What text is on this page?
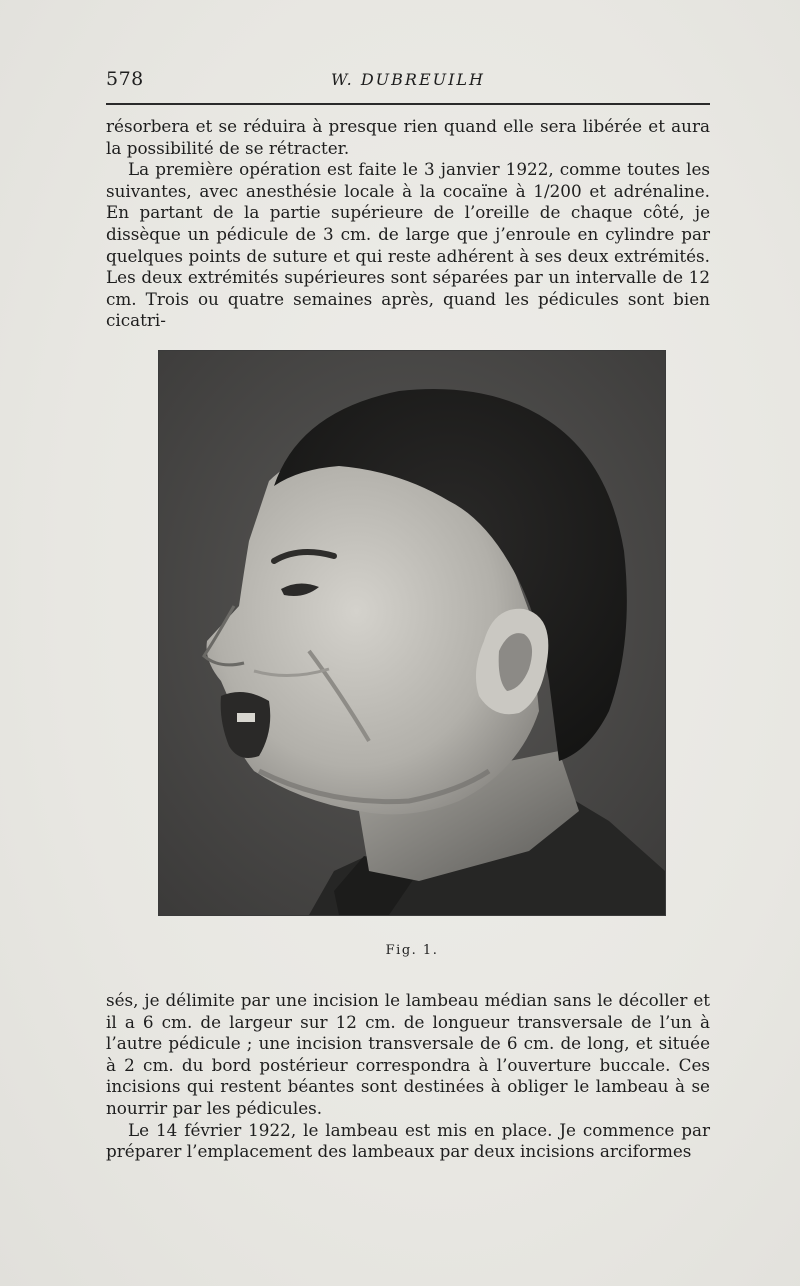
578	W. DUBREUILH

résorbera et se réduira à presque rien quand elle sera libérée et aura la possibilité de se rétracter.

La première opération est faite le 3 janvier 1922, comme toutes les suivantes, avec anesthésie locale à la cocaïne à 1/200 et adrénaline. En partant de la partie supérieure de l’oreille de chaque côté, je dissèque un pédicule de 3 cm. de large que j’enroule en cylindre par quelques points de suture et qui reste adhérent à ses deux extrémités. Les deux extrémités supérieures sont séparées par un intervalle de 12 cm. Trois ou quatre semaines après, quand les pédicules sont bien cicatri-

Fig. 1.

sés, je délimite par une incision le lambeau médian sans le décoller et il a 6 cm. de largeur sur 12 cm. de longueur transversale de l’un à l’autre pédicule ; une incision transversale de 6 cm. de long, et située à 2 cm. du bord postérieur correspondra à l’ouverture buccale. Ces incisions qui restent béantes sont destinées à obliger le lambeau à se nourrir par les pédicules.

Le 14 février 1922, le lambeau est mis en place. Je commence par préparer l’emplacement des lambeaux par deux incisions arciformes
